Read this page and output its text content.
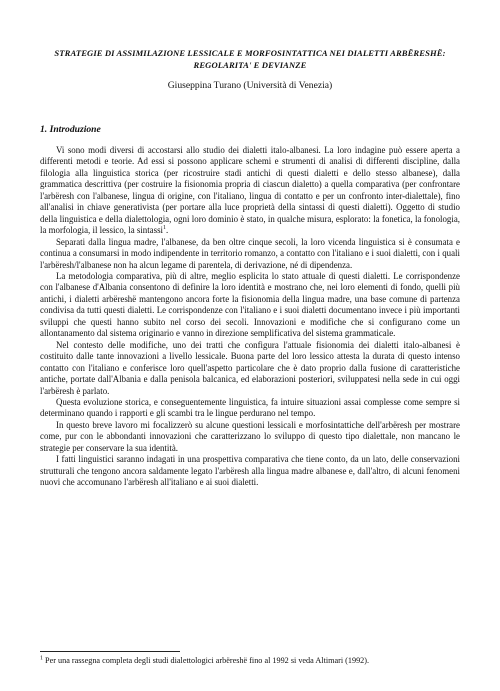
STRATEGIE DI ASSIMILAZIONE LESSICALE E MORFOSINTATTICA NEI DIALETTI ARBËRESHË:
REGOLARITA' E DEVIANZE
Giuseppina Turano (Università di Venezia)
1. Introduzione

Vi sono modi diversi di accostarsi allo studio dei dialetti italo-albanesi. La loro indagine può essere aperta a differenti metodi e teorie. Ad essi si possono applicare schemi e strumenti di analisi di differenti discipline, dalla filologia alla linguistica storica (per ricostruire stadi antichi di questi dialetti e dello stesso albanese), dalla grammatica descrittiva (per costruire la fisionomia propria di ciascun dialetto) a quella comparativa (per confrontare l'arbëresh con l'albanese, lingua di origine, con l'italiano, lingua di contatto e per un confronto inter-dialettale), fino all'analisi in chiave generativista (per portare alla luce proprietà della sintassi di questi dialetti). Oggetto di studio della linguistica e della dialettologia, ogni loro dominio è stato, in qualche misura, esplorato: la fonetica, la fonologia, la morfologia, il lessico, la sintassi$^1$.

Separati dalla lingua madre, l'albanese, da ben oltre cinque secoli, la loro vicenda linguistica si è consumata e continua a consumarsi in modo indipendente in territorio romanzo, a contatto con l'italiano e i suoi dialetti, con i quali l'arbëresh/l'albanese non ha alcun legame di parentela, di derivazione, né di dipendenza.

La metodologia comparativa, più di altre, meglio esplicita lo stato attuale di questi dialetti. Le corrispondenze con l'albanese d'Albania consentono di definire la loro identità e mostrano che, nei loro elementi di fondo, quelli più antichi, i dialetti arbëreshë mantengono ancora forte la fisionomia della lingua madre, una base comune di partenza condivisa da tutti questi dialetti. Le corrispondenze con l'italiano e i suoi dialetti documentano invece i più importanti sviluppi che questi hanno subito nel corso dei secoli. Innovazioni e modifiche che si configurano come un allontanamento dal sistema originario e vanno in direzione semplificativa del sistema grammaticale.

Nel contesto delle modifiche, uno dei tratti che configura l'attuale fisionomia dei dialetti italo-albanesi è costituito dalle tante innovazioni a livello lessicale. Buona parte del loro lessico attesta la durata di questo intenso contatto con l'italiano e conferisce loro quell'aspetto particolare che è dato proprio dalla fusione di caratteristiche antiche, portate dall'Albania e dalla penisola balcanica, ed elaborazioni posteriori, sviluppatesi nella sede in cui oggi l'arbëresh è parlato.

Questa evoluzione storica, e conseguentemente linguistica, fa intuire situazioni assai complesse come sempre si determinano quando i rapporti e gli scambi tra le lingue perdurano nel tempo.

In questo breve lavoro mi focalizzerò su alcune questioni lessicali e morfosintattiche dell'arbëresh per mostrare come, pur con le abbondanti innovazioni che caratterizzano lo sviluppo di questo tipo dialettale, non mancano le strategie per conservare la sua identità.

I fatti linguistici saranno indagati in una prospettiva comparativa che tiene conto, da un lato, delle conservazioni strutturali che tengono ancora saldamente legato l'arbëresh alla lingua madre albanese e, dall'altro, di alcuni fenomeni nuovi che accomunano l'arbëresh all'italiano e ai suoi dialetti.

$^1$ Per una rassegna completa degli studi dialettologici arbëreshë fino al 1992 si veda Altimari (1992).
